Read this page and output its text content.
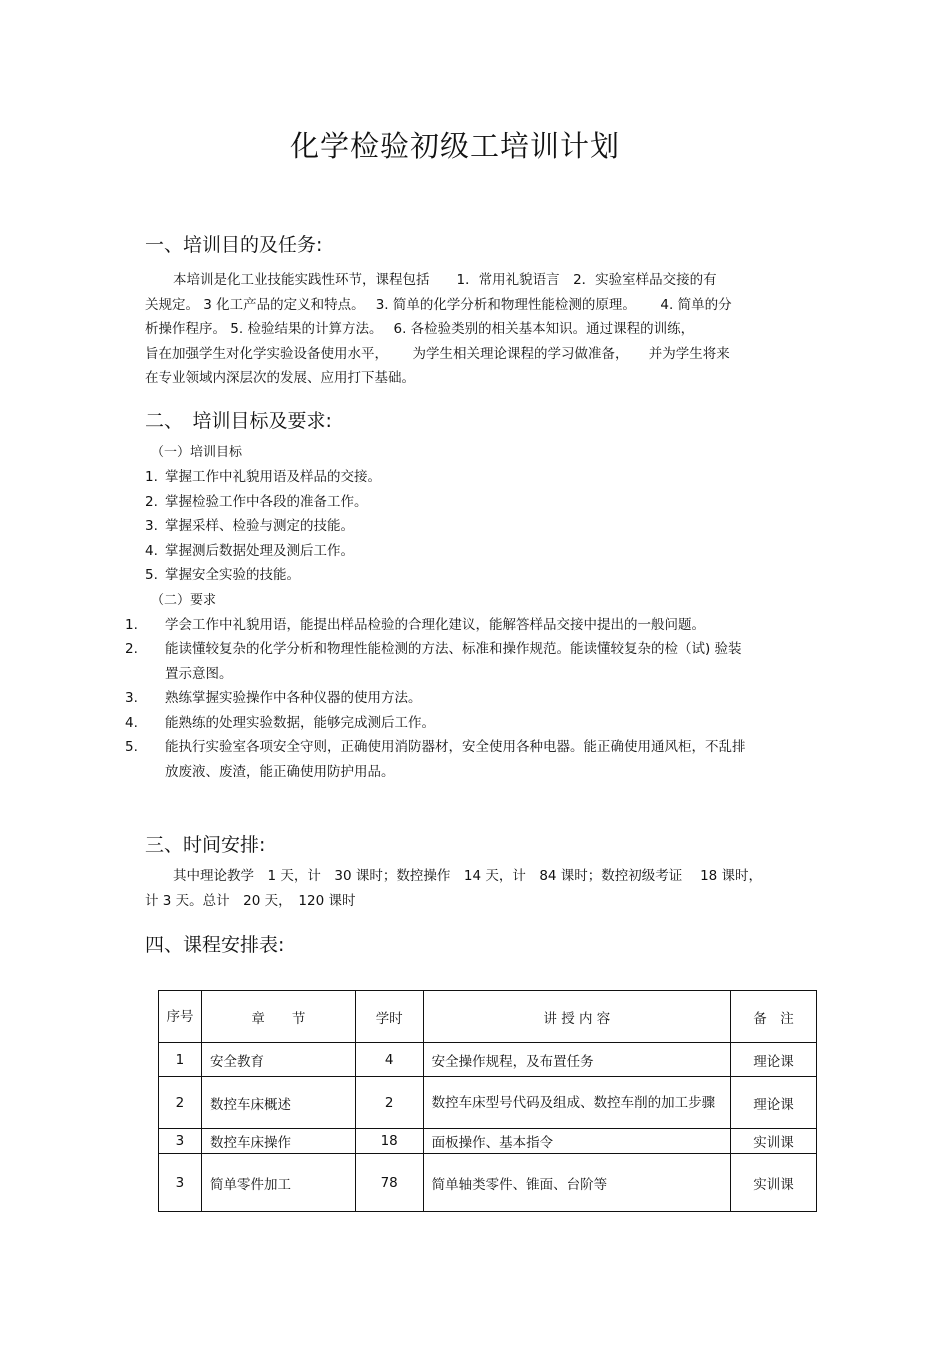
化学检验初级工培训计划
一、培训目的及任务:
本培训是化工业技能实践性环节，课程包括　　1．常用礼貌语言　2．实验室样品交接的有
关规定。 3 化工产品的定义和特点。　 3. 简单的化学分析和物理性能检测的原理。　　 4. 简单的分
析操作程序。 5. 检验结果的计算方法。　 6. 各检验类别的相关基本知识。通过课程的训练，
旨在加强学生对化学实验设备使用水平，　　 为学生相关理论课程的学习做准备，　　并为学生将来
在专业领域内深层次的发展、应用打下基础。
二、　培训目标及要求:
（一）培训目标
1. 掌握工作中礼貌用语及样品的交接。
2. 掌握检验工作中各段的准备工作。
3. 掌握采样、检验与测定的技能。
4. 掌握测后数据处理及测后工作。
5. 掌握安全实验的技能。
（二）要求
1. 学会工作中礼貌用语，能提出样品检验的合理化建议，能解答样品交接中提出的一般问题。
2. 能读懂较复杂的化学分析和物理性能检测的方法、标准和操作规范。能读懂较复杂的检（试) 验装置示意图。
3. 熟练掌握实验操作中各种仪器的使用方法。
4. 能熟练的处理实验数据，能够完成测后工作。
5. 能执行实验室各项安全守则，正确使用消防器材，安全使用各种电器。能正确使用通风柜，不乱排放废液、废渣，能正确使用防护用品。
三、时间安排:
其中理论教学　1 天，计　30 课时；数控操作　14 天，计　84 课时；数控初级考证　 18 课时，
计 3 天。总计　20 天，　120 课时
四、课程安排表:
序号	章　　节	学时	讲 授 内 容	备　注
1	安全教育	4	安全操作规程，及布置任务	理论课
2	数控车床概述	2	数控车床型号代码及组成、数控车削的加工步骤	理论课
3	数控车床操作	18	面板操作、基本指令	实训课
3	简单零件加工	78	简单轴类零件、锥面、台阶等	实训课
